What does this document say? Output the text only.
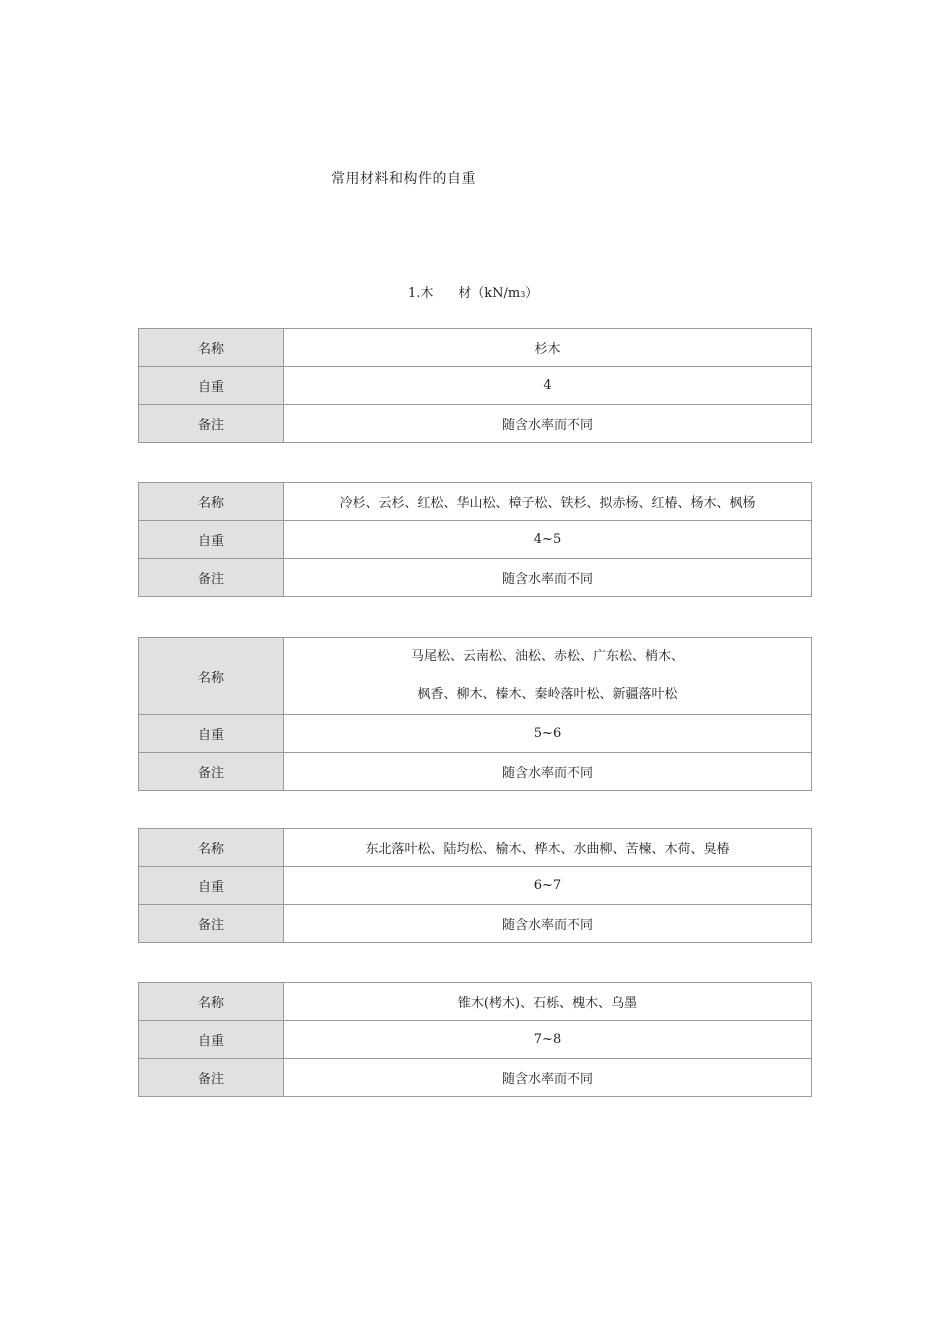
常用材料和构件的自重
1.木 材（kN/m3）
名称	杉木
自重	4
备注	随含水率而不同
名称	冷杉、云杉、红松、华山松、樟子松、铁杉、拟赤杨、红椿、杨木、枫杨
自重	4~5
备注	随含水率而不同
名称	马尾松、云南松、油松、赤松、广东松、梢木、
枫香、柳木、榛木、秦岭落叶松、新疆落叶松

自重	5~6
备注	随含水率而不同
名称	东北落叶松、陆均松、榆木、桦木、水曲柳、苦楝、木荷、臭椿
自重	6~7
备注	随含水率而不同
名称	锥木(栲木)、石栎、槐木、乌墨
自重	7~8
备注	随含水率而不同
